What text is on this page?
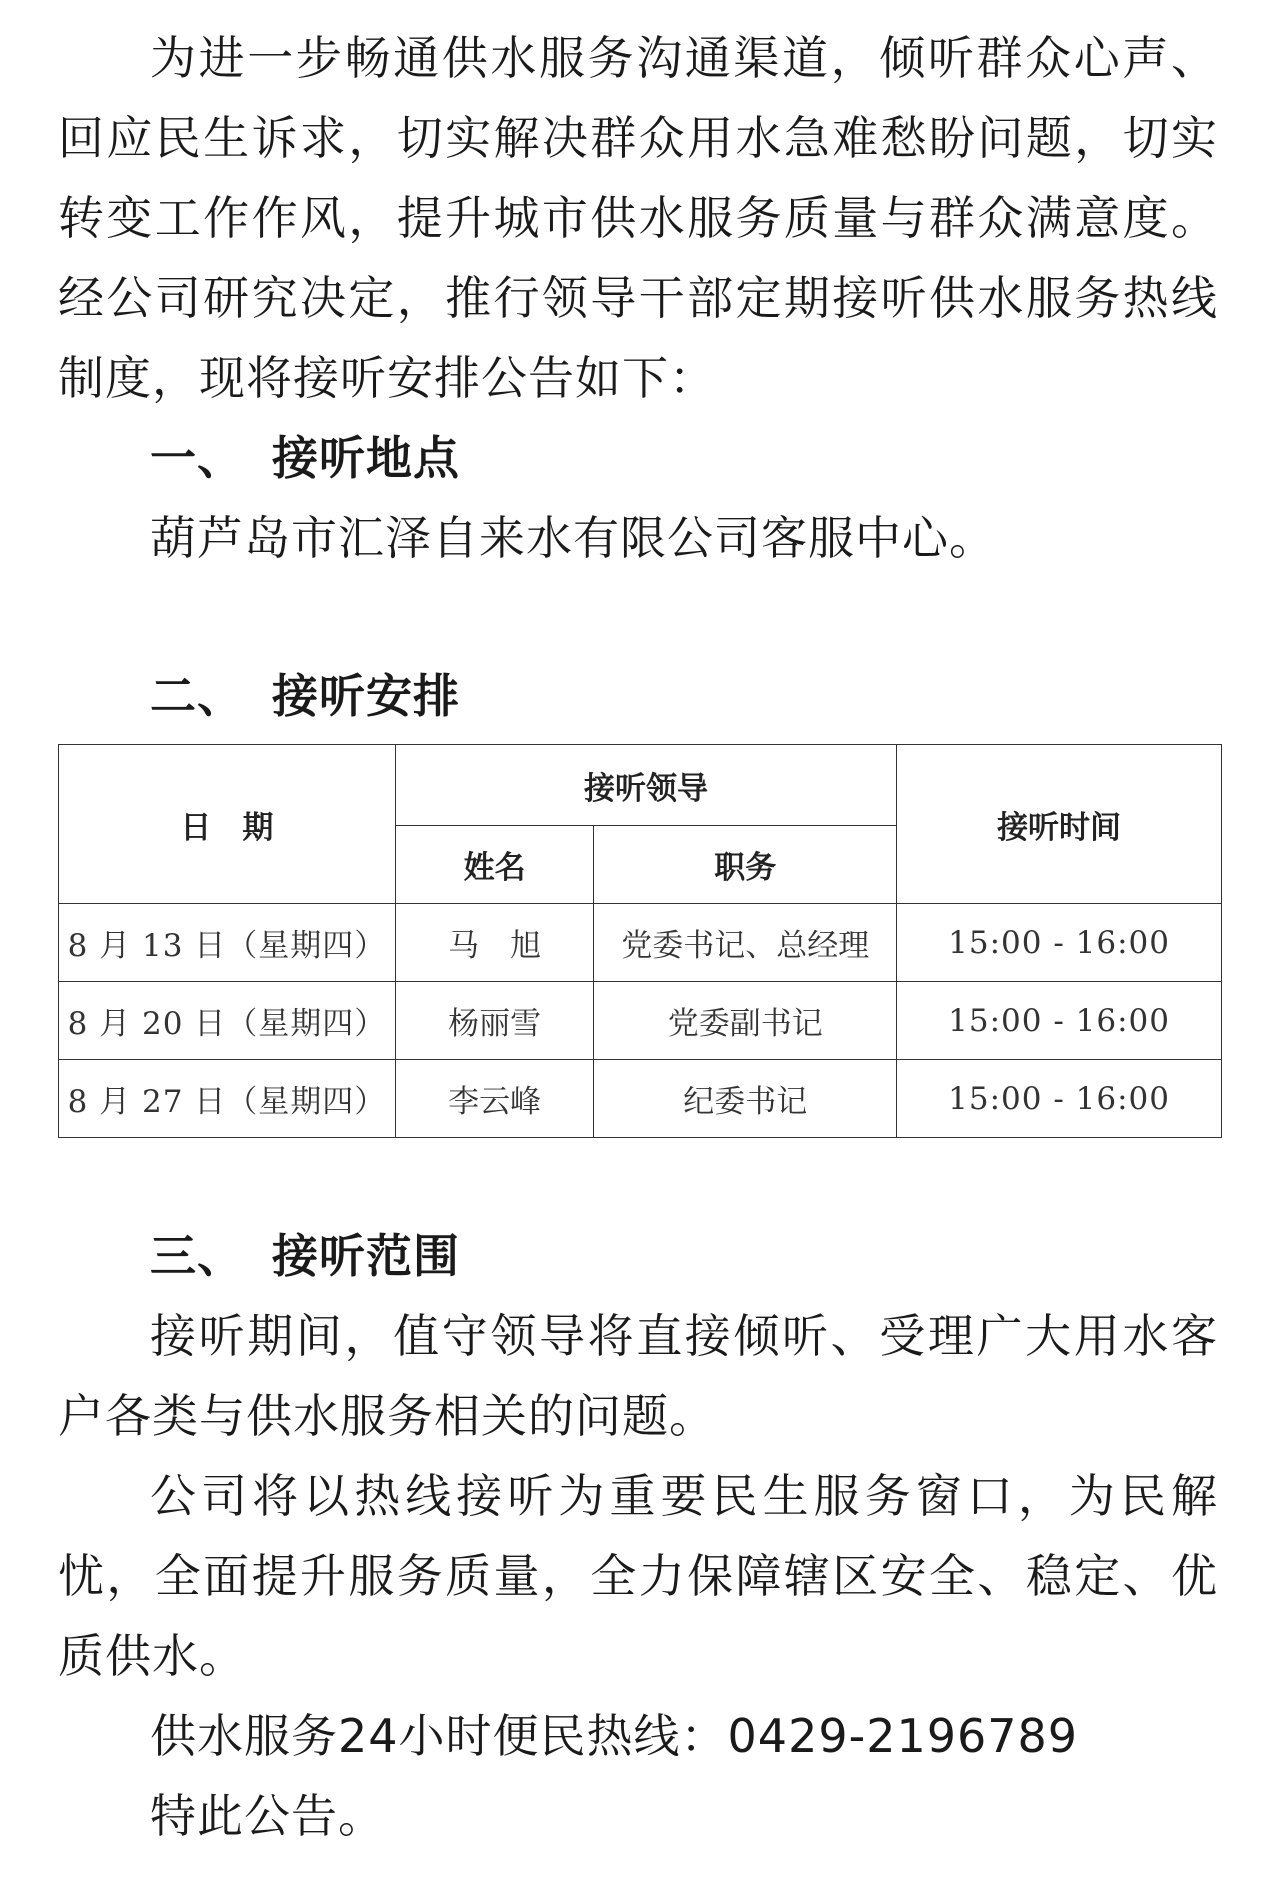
为进一步畅通供水服务沟通渠道，倾听群众心声、回应民生诉求，切实解决群众用水急难愁盼问题，切实转变工作作风，提升城市供水服务质量与群众满意度。经公司研究决定，推行领导干部定期接听供水服务热线制度，现将接听安排公告如下：

一、 接听地点

葫芦岛市汇泽自来水有限公司客服中心。

二、 接听安排

日　期	接听领导		接听时间
	姓名	职务	
8 月 13 日（星期四）	马　旭	党委书记、总经理	15:00 - 16:00
8 月 20 日（星期四）	杨丽雪	党委副书记	15:00 - 16:00
8 月 27 日（星期四）	李云峰	纪委书记	15:00 - 16:00

三、 接听范围

接听期间，值守领导将直接倾听、受理广大用水客户各类与供水服务相关的问题。

公司将以热线接听为重要民生服务窗口，为民解忧，全面提升服务质量，全力保障辖区安全、稳定、优质供水。

供水服务24小时便民热线：0429-2196789

特此公告。
